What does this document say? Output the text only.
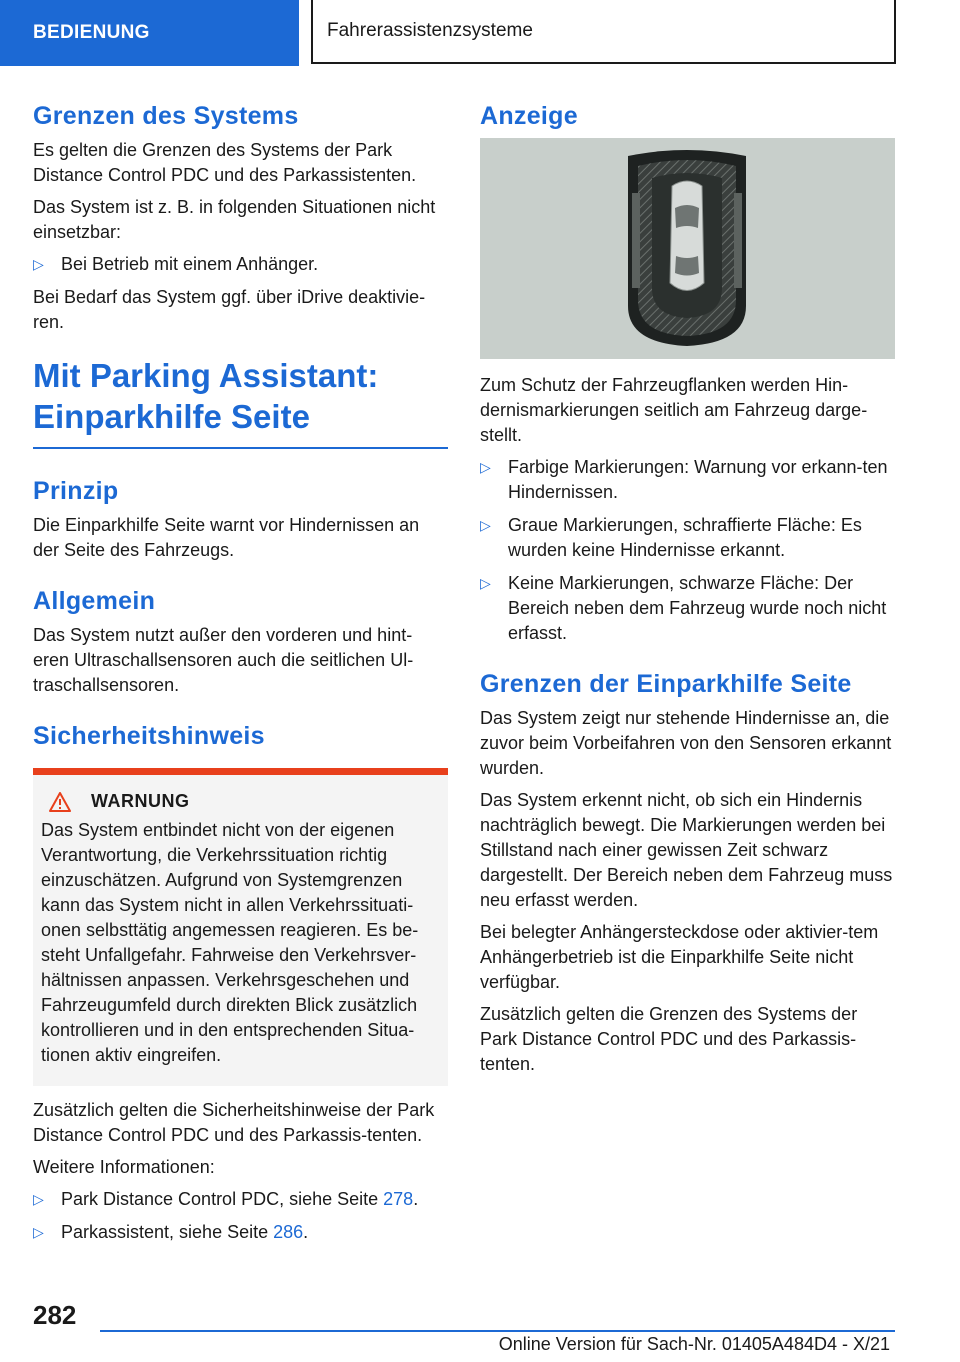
BEDIENUNG	Fahrerassistenzsysteme
Grenzen des Systems

Es gelten die Grenzen des Systems der Park Distance Control PDC und des Parkassistenten.

Das System ist z. B. in folgenden Situationen nicht einsetzbar:

▷ Bei Betrieb mit einem Anhänger.

Bei Bedarf das System ggf. über iDrive deaktivie-ren.

Mit Parking Assistant: Einparkhilfe Seite
Prinzip

Die Einparkhilfe Seite warnt vor Hindernissen an der Seite des Fahrzeugs.

Allgemein

Das System nutzt außer den vorderen und hint-eren Ultraschallsensoren auch die seitlichen Ul-traschallsensoren.

Sicherheitshinweis
WARNUNG
Das System entbindet nicht von der eigenen Verantwortung, die Verkehrssituation richtig einzuschätzen. Aufgrund von Systemgrenzen kann das System nicht in allen Verkehrssituati-onen selbsttätig angemessen reagieren. Es be-steht Unfallgefahr. Fahrweise den Verkehrsver-hältnissen anpassen. Verkehrsgeschehen und Fahrzeugumfeld durch direkten Blick zusätzlich kontrollieren und in den entsprechenden Situa-tionen aktiv eingreifen.

Zusätzlich gelten die Sicherheitshinweise der Park Distance Control PDC und des Parkassis-tenten.

Weitere Informationen:

▷ Park Distance Control PDC, siehe Seite 278.
▷ Parkassistent, siehe Seite 286.
Anzeige

Zum Schutz der Fahrzeugflanken werden Hin-dernismarkierungen seitlich am Fahrzeug darge-stellt.

▷ Farbige Markierungen: Warnung vor erkann-ten Hindernissen.
▷ Graue Markierungen, schraffierte Fläche: Es wurden keine Hindernisse erkannt.
▷ Keine Markierungen, schwarze Fläche: Der Bereich neben dem Fahrzeug wurde noch nicht erfasst.
Grenzen der Einparkhilfe Seite

Das System zeigt nur stehende Hindernisse an, die zuvor beim Vorbeifahren von den Sensoren erkannt wurden.

Das System erkennt nicht, ob sich ein Hindernis nachträglich bewegt. Die Markierungen werden bei Stillstand nach einer gewissen Zeit schwarz dargestellt. Der Bereich neben dem Fahrzeug muss neu erfasst werden.

Bei belegter Anhängersteckdose oder aktivier-tem Anhängerbetrieb ist die Einparkhilfe Seite nicht verfügbar.

Zusätzlich gelten die Grenzen des Systems der Park Distance Control PDC und des Parkassis-tenten.

282
Online Version für Sach-Nr. 01405A484D4 - X/21
